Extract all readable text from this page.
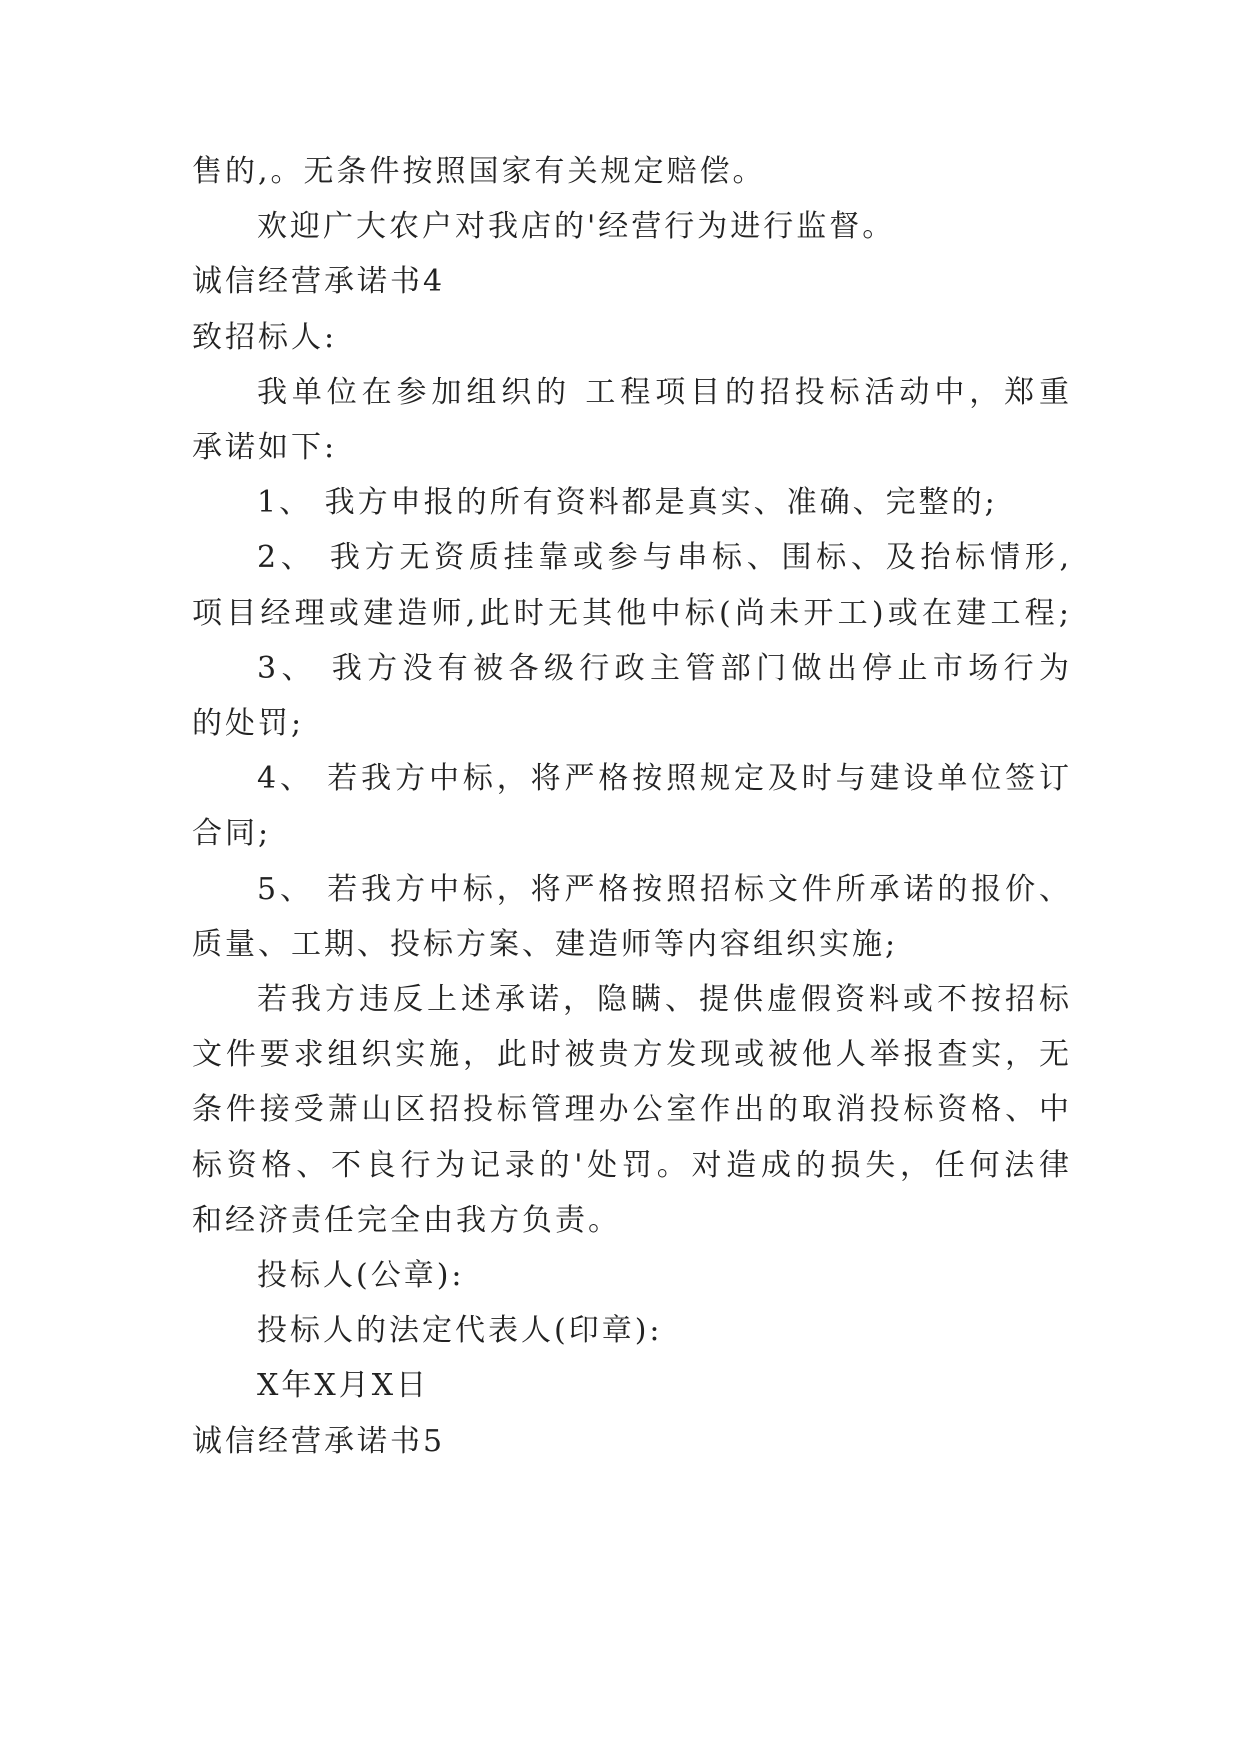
售的,。无条件按照国家有关规定赔偿。
欢迎广大农户对我店的'经营行为进行监督。
诚信经营承诺书4
致招标人:
我单位在参加组织的 工程项目的招投标活动中，郑重
承诺如下:
1、 我方申报的所有资料都是真实、准确、完整的;
2、 我方无资质挂靠或参与串标、围标、及抬标情形,
项目经理或建造师,此时无其他中标(尚未开工)或在建工程;
3、 我方没有被各级行政主管部门做出停止市场行为
的处罚;
4、 若我方中标，将严格按照规定及时与建设单位签订
合同;
5、 若我方中标，将严格按照招标文件所承诺的报价、
质量、工期、投标方案、建造师等内容组织实施;
若我方违反上述承诺，隐瞒、提供虚假资料或不按招标
文件要求组织实施，此时被贵方发现或被他人举报查实，无
条件接受萧山区招投标管理办公室作出的取消投标资格、中
标资格、不良行为记录的'处罚。对造成的损失，任何法律
和经济责任完全由我方负责。
投标人(公章):
投标人的法定代表人(印章):
X年X月X日
诚信经营承诺书5
